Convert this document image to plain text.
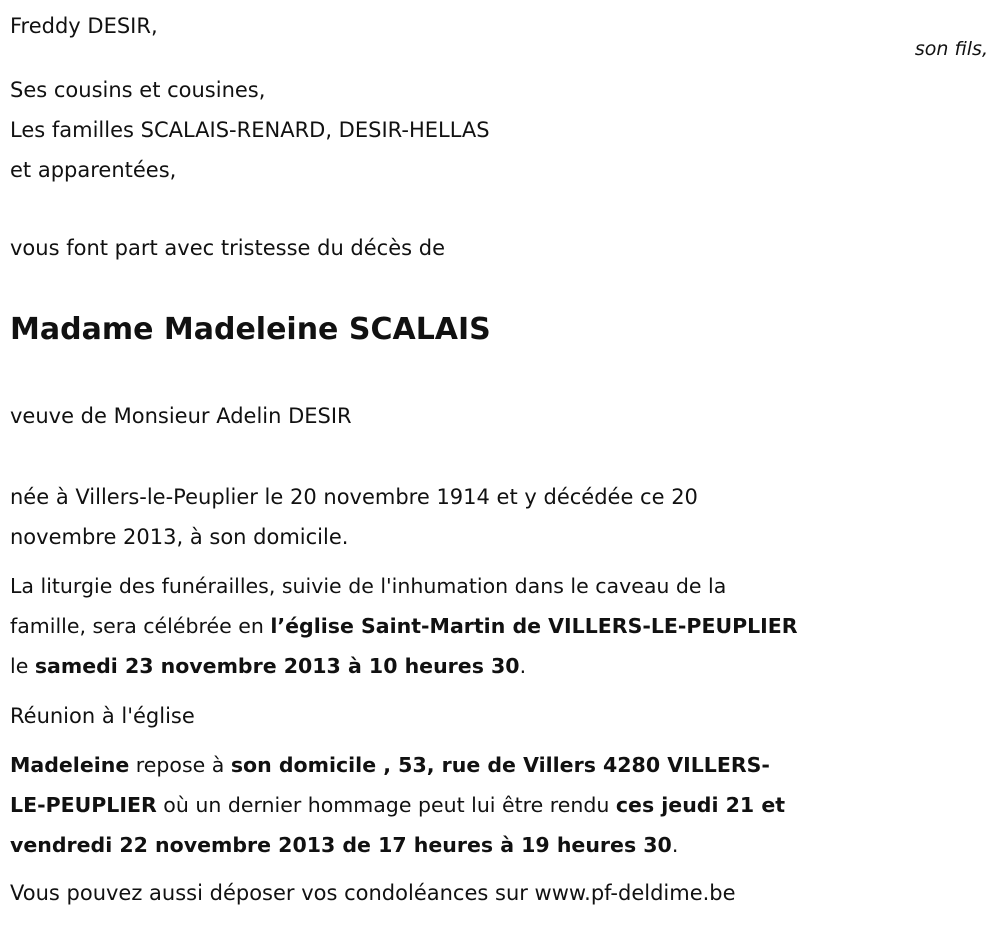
Freddy DESIR,
son fils,
Ses cousins et cousines,
Les familles SCALAIS-RENARD, DESIR-HELLAS
et apparentées,
vous font part avec tristesse du décès de
Madame Madeleine SCALAIS
veuve de Monsieur Adelin DESIR
née à Villers-le-Peuplier le 20 novembre 1914 et y décédée ce 20
novembre 2013, à son domicile.
La liturgie des funérailles, suivie de l'inhumation dans le caveau de la
famille, sera célébrée en l’église Saint-Martin de VILLERS-LE-PEUPLIER
le samedi 23 novembre 2013 à 10 heures 30.
Réunion à l'église
Madeleine repose à son domicile , 53, rue de Villers 4280 VILLERS-
LE-PEUPLIER où un dernier hommage peut lui être rendu ces jeudi 21 et
vendredi 22 novembre 2013 de 17 heures à 19 heures 30.
Vous pouvez aussi déposer vos condoléances sur www.pf-deldime.be
